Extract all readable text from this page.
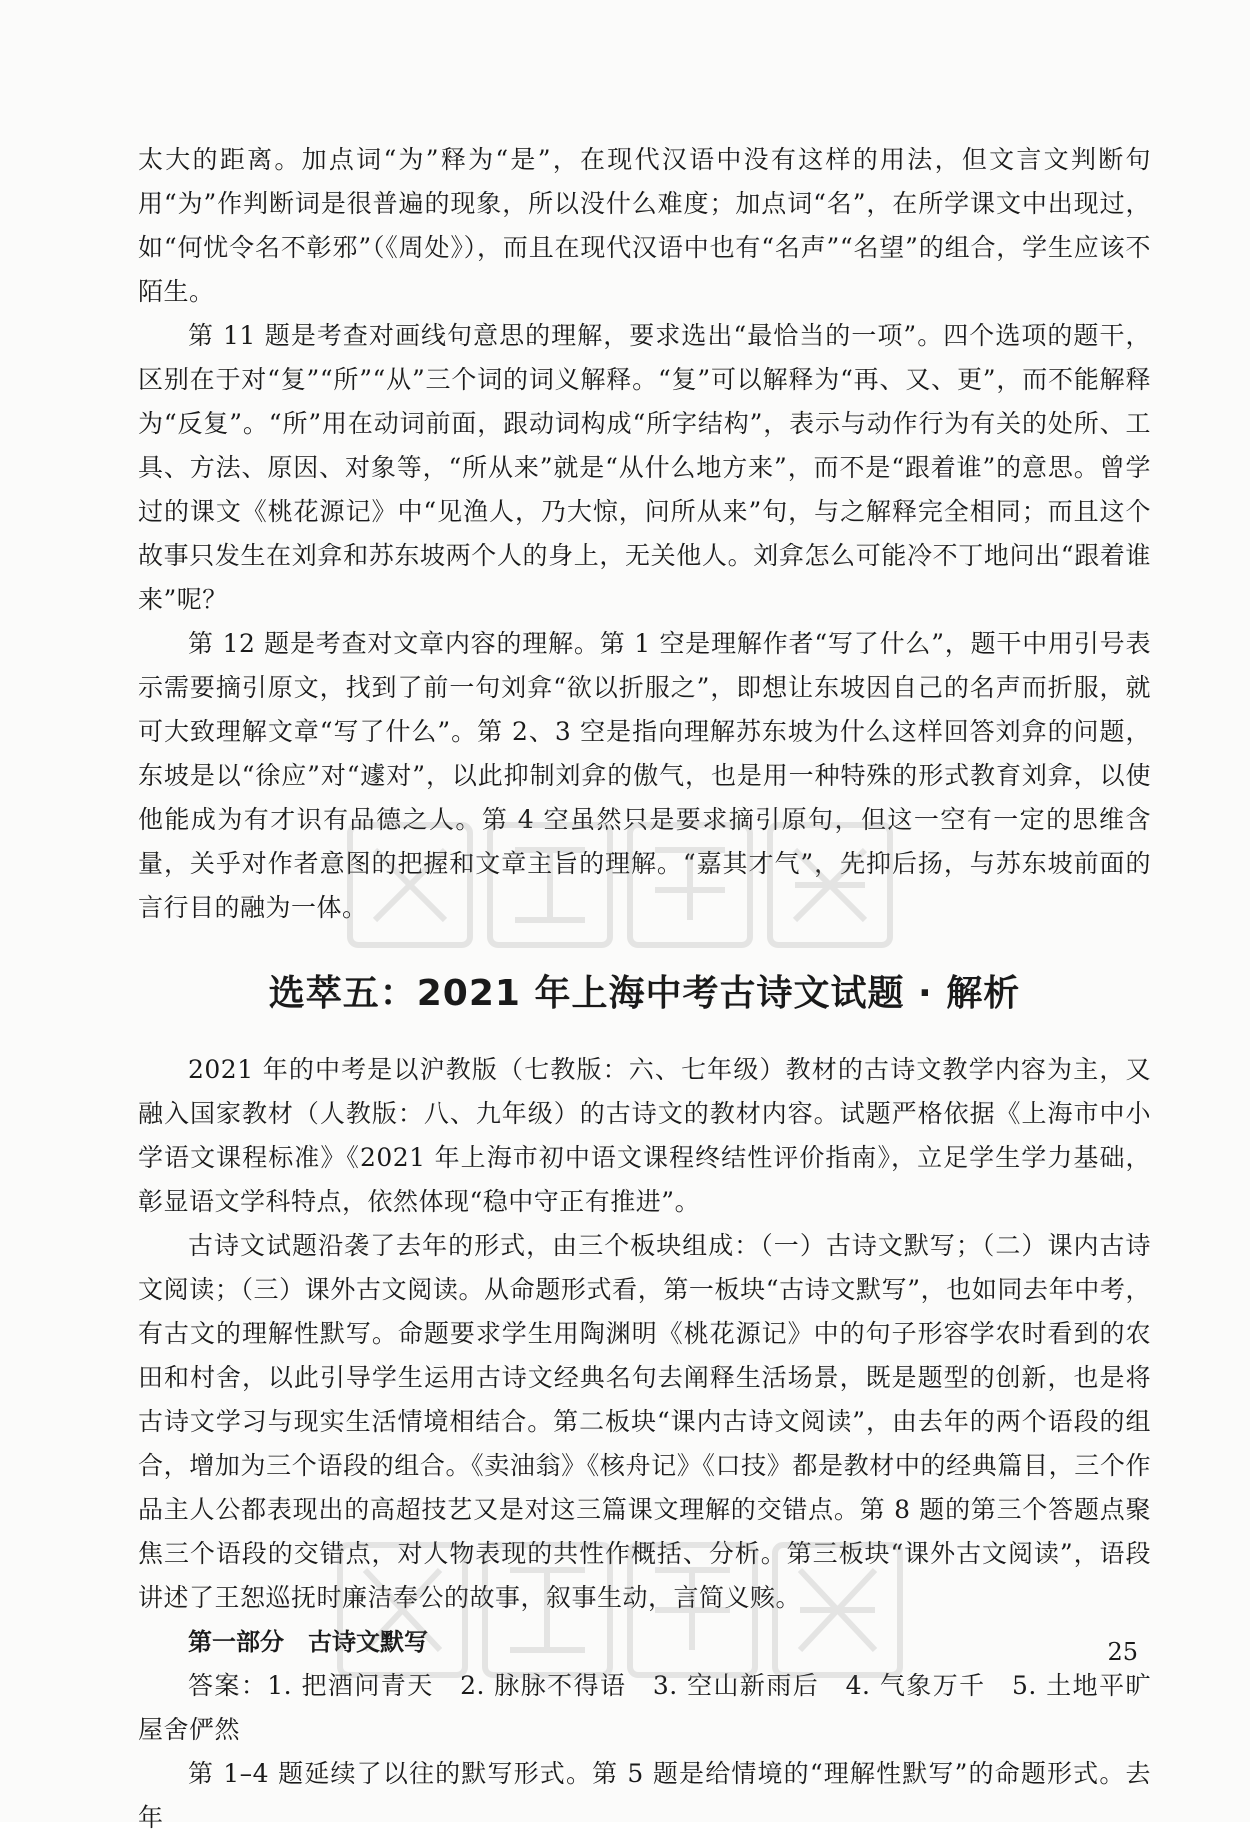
太大的距离。加点词“为”释为“是”，在现代汉语中没有这样的用法，但文言文判断句用“为”作判断词是很普遍的现象，所以没什么难度；加点词“名”，在所学课文中出现过，如“何忧令名不彰邪”（《周处》），而且在现代汉语中也有“名声”“名望”的组合，学生应该不陌生。

第 11 题是考查对画线句意思的理解，要求选出“最恰当的一项”。四个选项的题干，区别在于对“复”“所”“从”三个词的词义解释。“复”可以解释为“再、又、更”，而不能解释为“反复”。“所”用在动词前面，跟动词构成“所字结构”，表示与动作行为有关的处所、工具、方法、原因、对象等，“所从来”就是“从什么地方来”，而不是“跟着谁”的意思。曾学过的课文《桃花源记》中“见渔人，乃大惊，问所从来”句，与之解释完全相同；而且这个故事只发生在刘弇和苏东坡两个人的身上，无关他人。刘弇怎么可能冷不丁地问出“跟着谁来”呢？

第 12 题是考查对文章内容的理解。第 1 空是理解作者“写了什么”，题干中用引号表示需要摘引原文，找到了前一句刘弇“欲以折服之”，即想让东坡因自己的名声而折服，就可大致理解文章“写了什么”。第 2、3 空是指向理解苏东坡为什么这样回答刘弇的问题，东坡是以“徐应”对“遽对”，以此抑制刘弇的傲气，也是用一种特殊的形式教育刘弇，以使他能成为有才识有品德之人。第 4 空虽然只是要求摘引原句，但这一空有一定的思维含量，关乎对作者意图的把握和文章主旨的理解。“嘉其才气”，先抑后扬，与苏东坡前面的言行目的融为一体。

选萃五：2021 年上海中考古诗文试题 · 解析

2021 年的中考是以沪教版（七教版：六、七年级）教材的古诗文教学内容为主，又融入国家教材（人教版：八、九年级）的古诗文的教材内容。试题严格依据《上海市中小学语文课程标准》《2021 年上海市初中语文课程终结性评价指南》，立足学生学力基础，彰显语文学科特点，依然体现“稳中守正有推进”。

古诗文试题沿袭了去年的形式，由三个板块组成：（一）古诗文默写；（二）课内古诗文阅读；（三）课外古文阅读。从命题形式看，第一板块“古诗文默写”，也如同去年中考，有古文的理解性默写。命题要求学生用陶渊明《桃花源记》中的句子形容学农时看到的农田和村舍，以此引导学生运用古诗文经典名句去阐释生活场景，既是题型的创新，也是将古诗文学习与现实生活情境相结合。第二板块“课内古诗文阅读”，由去年的两个语段的组合，增加为三个语段的组合。《卖油翁》《核舟记》《口技》都是教材中的经典篇目，三个作品主人公都表现出的高超技艺又是对这三篇课文理解的交错点。第 8 题的第三个答题点聚焦三个语段的交错点，对人物表现的共性作概括、分析。第三板块“课外古文阅读”，语段讲述了王恕巡抚时廉洁奉公的故事，叙事生动，言简义赅。

第一部分　古诗文默写

答案：1. 把酒问青天　2. 脉脉不得语　3. 空山新雨后　4. 气象万千　5. 土地平旷　屋舍俨然

第 1–4 题延续了以往的默写形式。第 5 题是给情境的“理解性默写”的命题形式。去年

25
